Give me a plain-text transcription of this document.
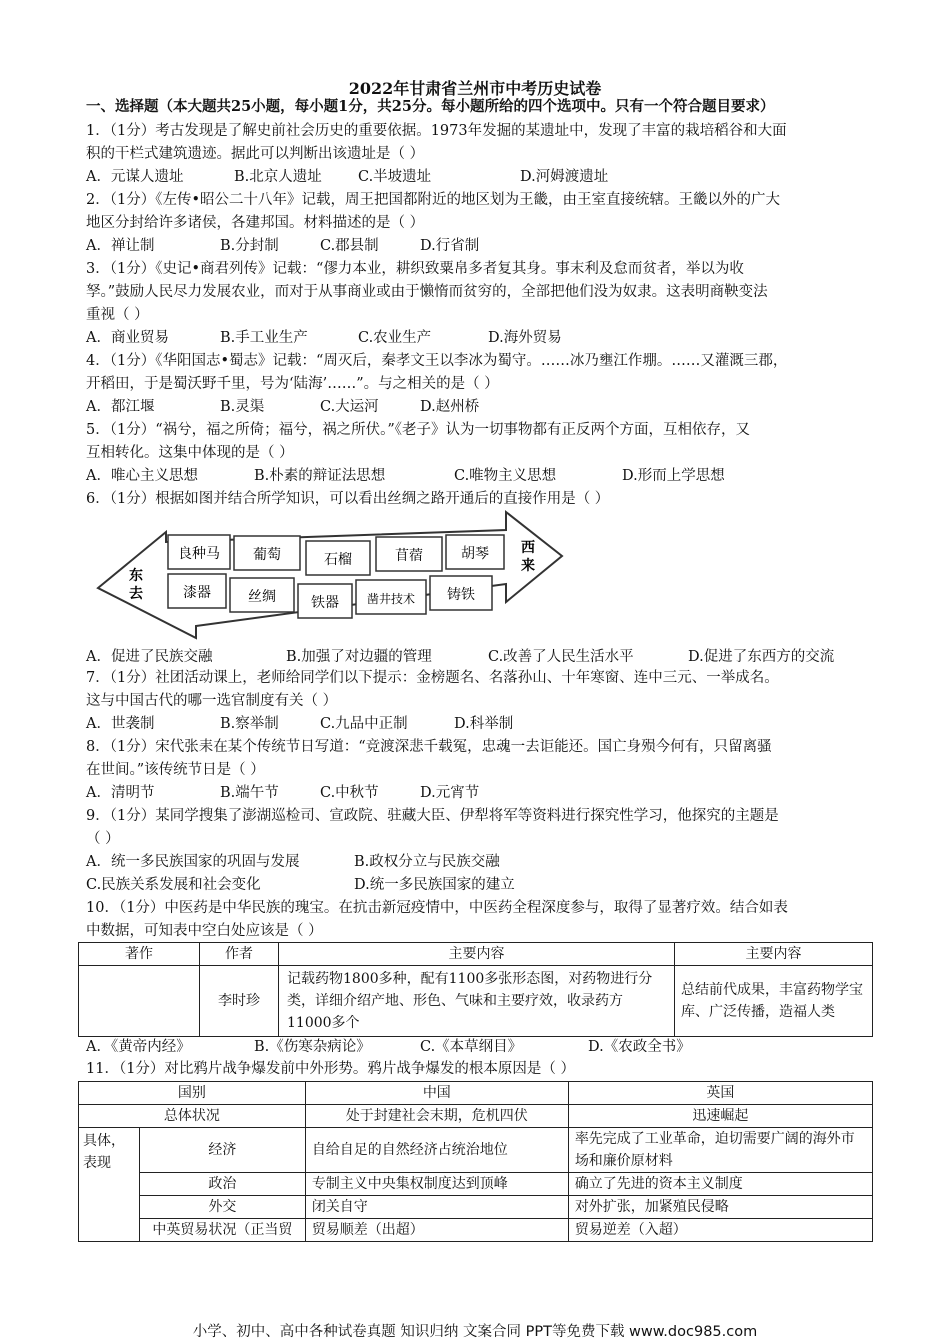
2022年甘肃省兰州市中考历史试卷
一、选择题（本大题共25小题，每小题1分，共25分。每小题所给的四个选项中。只有一个符合题目要求）
1．（1分）考古发现是了解史前社会历史的重要依据。1973年发掘的某遗址中，发现了丰富的栽培稻谷和大面
积的干栏式建筑遗迹。据此可以判断出该遗址是（ ）
A．元谋人遗址	B.北京人遗址 C.半坡遗址	D.河姆渡遗址
2．（1分）《左传•昭公二十八年》记载，周王把国都附近的地区划为王畿，由王室直接统辖。王畿以外的广大
地区分封给许多诸侯，各建邦国。材料描述的是（ ）
A．禅让制	B.分封制	C.郡县制	D.行省制
3．（1分）《史记•商君列传》记载：“僇力本业，耕织致粟帛多者复其身。事末利及怠而贫者，举以为收
孥。”鼓励人民尽力发展农业，而对于从事商业或由于懒惰而贫穷的，全部把他们没为奴隶。这表明商鞅变法
重视（ ）
A．商业贸易	B.手工业生产	C.农业生产	D.海外贸易
4．（1分）《华阳国志•蜀志》记载：“周灭后，秦孝文王以李冰为蜀守。……冰乃壅江作堋。……又灌溉三郡，
开稻田，于是蜀沃野千里，号为‘陆海’……”。与之相关的是（ ）
A．都江堰	B.灵渠	C.大运河	D.赵州桥
5．（1分）“祸兮，福之所倚；福兮，祸之所伏。”《老子》认为一切事物都有正反两个方面，互相依存，又
互相转化。这集中体现的是（ ）
A．唯心主义思想	B.朴素的辩证法思想	C.唯物主义思想	D.形而上学思想
6．（1分）根据如图并结合所学知识，可以看出丝绸之路开通后的直接作用是（ ）
良种马 葡萄	石榴	苜蓿	胡琴
漆器	丝绸	铁器 凿井技术 铸铁
东
去
西
来
A．促进了民族交融	B.加强了对边疆的管理	C.改善了人民生活水平	D.促进了东西方的交流
7．（1分）社团活动课上，老师给同学们以下提示：金榜题名、名落孙山、十年寒窗、连中三元、一举成名。
这与中国古代的哪一选官制度有关（ ）
A．世袭制	B.察举制	C.九品中正制	D.科举制
8．（1分）宋代张耒在某个传统节日写道：“竞渡深悲千载冤，忠魂一去讵能还。国亡身殒今何有，只留离骚
在世间。”该传统节日是（ ）
A．清明节	B.端午节	C.中秋节	D.元宵节
9．（1分）某同学搜集了澎湖巡检司、宣政院、驻藏大臣、伊犁将军等资料进行探究性学习，他探究的主题是
（ ）
A．统一多民族国家的巩固与发展	B.政权分立与民族交融
C.民族关系发展和社会变化	D.统一多民族国家的建立
10．（1分）中医药是中华民族的瑰宝。在抗击新冠疫情中，中医药全程深度参与，取得了显著疗效。结合如表
中数据，可知表中空白处应该是（ ）
著作	作者	主要内容	主要内容
	李时珍	记载药物1800多种，配有1100多张形态图，对药物进行分类，详细介绍产地、形色、气味和主要疗效，收录药方11000多个	总结前代成果，丰富药物学宝库、广泛传播，造福人类
A．《黄帝内经》	B.《伤寒杂病论》	C.《本草纲目》	D.《农政全书》
11．（1分）对比鸦片战争爆发前中外形势。鸦片战争爆发的根本原因是（ ）
国别		中国	英国
总体状况		处于封建社会末期，危机四伏	迅速崛起
具体，表现	经济	自给自足的自然经济占统治地位	率先完成了工业革命，迫切需要广阔的海外市场和廉价原材料
	政治	专制主义中央集权制度达到顶峰	确立了先进的资本主义制度
	外交	闭关自守	对外扩张，加紧殖民侵略
	中英贸易状况（正当贸	贸易顺差（出超）	贸易逆差（入超）
小学、初中、高中各种试卷真题 知识归纳 文案合同 PPT等免费下载 www.doc985.com
